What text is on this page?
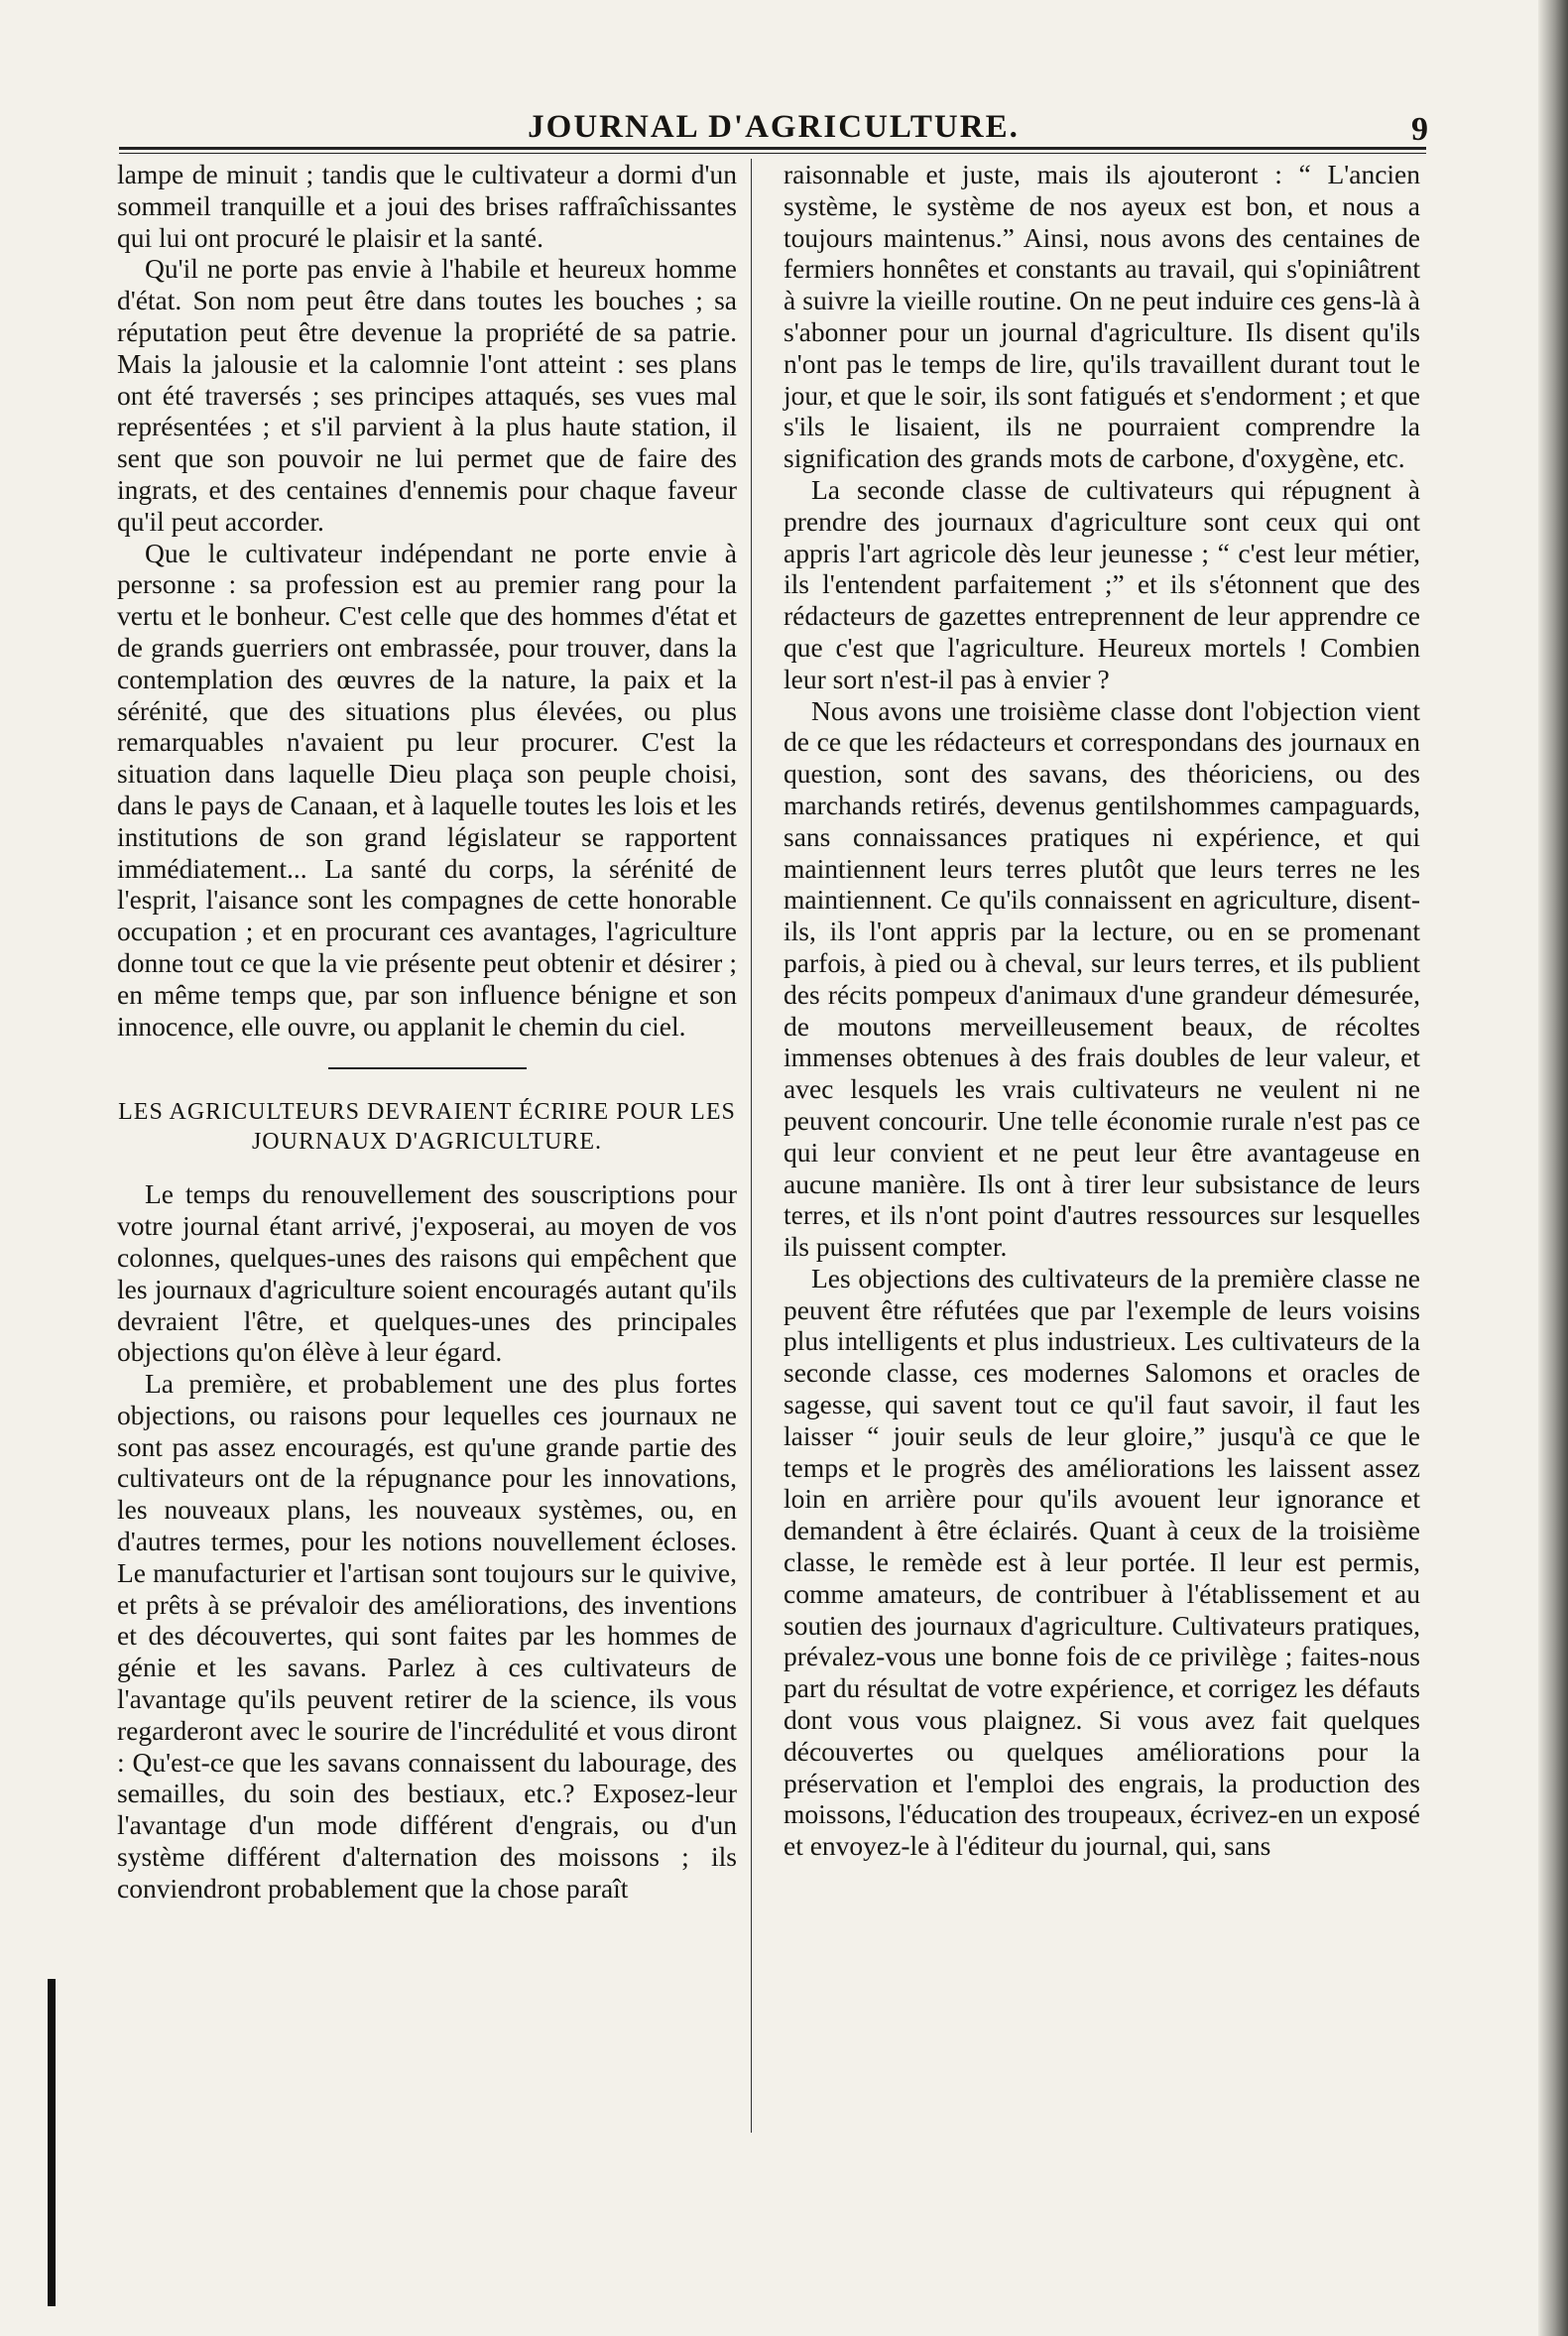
JOURNAL D'AGRICULTURE.	9

lampe de minuit ; tandis que le cultivateur a dormi d'un sommeil tranquille et a joui des brises raffraîchissantes qui lui ont procuré le plaisir et la santé.

Qu'il ne porte pas envie à l'habile et heureux homme d'état. Son nom peut être dans toutes les bouches ; sa réputation peut être devenue la propriété de sa patrie. Mais la jalousie et la calomnie l'ont atteint : ses plans ont été traversés ; ses principes attaqués, ses vues mal représentées ; et s'il parvient à la plus haute station, il sent que son pouvoir ne lui permet que de faire des ingrats, et des centaines d'ennemis pour chaque faveur qu'il peut accorder.

Que le cultivateur indépendant ne porte envie à personne : sa profession est au premier rang pour la vertu et le bonheur. C'est celle que des hommes d'état et de grands guerriers ont embrassée, pour trouver, dans la contemplation des œuvres de la nature, la paix et la sérénité, que des situations plus élevées, ou plus remarquables n'avaient pu leur procurer. C'est la situation dans laquelle Dieu plaça son peuple choisi, dans le pays de Canaan, et à laquelle toutes les lois et les institutions de son grand législateur se rapportent immédiatement... La santé du corps, la sérénité de l'esprit, l'aisance sont les compagnes de cette honorable occupation ; et en procurant ces avantages, l'agriculture donne tout ce que la vie présente peut obtenir et désirer ; en même temps que, par son influence bénigne et son innocence, elle ouvre, ou applanit le chemin du ciel.

LES AGRICULTEURS DEVRAIENT ÉCRIRE POUR LES JOURNAUX D'AGRICULTURE.

Le temps du renouvellement des souscriptions pour votre journal étant arrivé, j'exposerai, au moyen de vos colonnes, quelques-unes des raisons qui empêchent que les journaux d'agriculture soient encouragés autant qu'ils devraient l'être, et quelques-unes des principales objections qu'on élève à leur égard.

La première, et probablement une des plus fortes objections, ou raisons pour lequelles ces journaux ne sont pas assez encouragés, est qu'une grande partie des cultivateurs ont de la répugnance pour les innovations, les nouveaux plans, les nouveaux systèmes, ou, en d'autres termes, pour les notions nouvellement écloses. Le manufacturier et l'artisan sont toujours sur le quivive, et prêts à se prévaloir des améliorations, des inventions et des découvertes, qui sont faites par les hommes de génie et les savans. Parlez à ces cultivateurs de l'avantage qu'ils peuvent retirer de la science, ils vous regarderont avec le sourire de l'incrédulité et vous diront : Qu'est-ce que les savans connaissent du labourage, des semailles, du soin des bestiaux, etc.? Exposez-leur l'avantage d'un mode différent d'engrais, ou d'un système différent d'alternation des moissons ; ils conviendront probablement que la chose paraît

raisonnable et juste, mais ils ajouteront : “ L'ancien système, le système de nos ayeux est bon, et nous a toujours maintenus.” Ainsi, nous avons des centaines de fermiers honnêtes et constants au travail, qui s'opiniâtrent à suivre la vieille routine. On ne peut induire ces gens-là à s'abonner pour un journal d'agriculture. Ils disent qu'ils n'ont pas le temps de lire, qu'ils travaillent durant tout le jour, et que le soir, ils sont fatigués et s'endorment ; et que s'ils le lisaient, ils ne pourraient comprendre la signification des grands mots de carbone, d'oxygène, etc.

La seconde classe de cultivateurs qui répugnent à prendre des journaux d'agriculture sont ceux qui ont appris l'art agricole dès leur jeunesse ; “ c'est leur métier, ils l'entendent parfaitement ;” et ils s'étonnent que des rédacteurs de gazettes entreprennent de leur apprendre ce que c'est que l'agriculture. Heureux mortels ! Combien leur sort n'est-il pas à envier ?

Nous avons une troisième classe dont l'objection vient de ce que les rédacteurs et correspondans des journaux en question, sont des savans, des théoriciens, ou des marchands retirés, devenus gentilshommes campaguards, sans connaissances pratiques ni expérience, et qui maintiennent leurs terres plutôt que leurs terres ne les maintiennent. Ce qu'ils connaissent en agriculture, disent-ils, ils l'ont appris par la lecture, ou en se promenant parfois, à pied ou à cheval, sur leurs terres, et ils publient des récits pompeux d'animaux d'une grandeur démesurée, de moutons merveilleusement beaux, de récoltes immenses obtenues à des frais doubles de leur valeur, et avec lesquels les vrais cultivateurs ne veulent ni ne peuvent concourir. Une telle économie rurale n'est pas ce qui leur convient et ne peut leur être avantageuse en aucune manière. Ils ont à tirer leur subsistance de leurs terres, et ils n'ont point d'autres ressources sur lesquelles ils puissent compter.

Les objections des cultivateurs de la première classe ne peuvent être réfutées que par l'exemple de leurs voisins plus intelligents et plus industrieux. Les cultivateurs de la seconde classe, ces modernes Salomons et oracles de sagesse, qui savent tout ce qu'il faut savoir, il faut les laisser “ jouir seuls de leur gloire,” jusqu'à ce que le temps et le progrès des améliorations les laissent assez loin en arrière pour qu'ils avouent leur ignorance et demandent à être éclairés. Quant à ceux de la troisième classe, le remède est à leur portée. Il leur est permis, comme amateurs, de contribuer à l'établissement et au soutien des journaux d'agriculture. Cultivateurs pratiques, prévalez-vous une bonne fois de ce privilège ; faites-nous part du résultat de votre expérience, et corrigez les défauts dont vous vous plaignez. Si vous avez fait quelques découvertes ou quelques améliorations pour la préservation et l'emploi des engrais, la production des moissons, l'éducation des troupeaux, écrivez-en un exposé et envoyez-le à l'éditeur du journal, qui, sans
